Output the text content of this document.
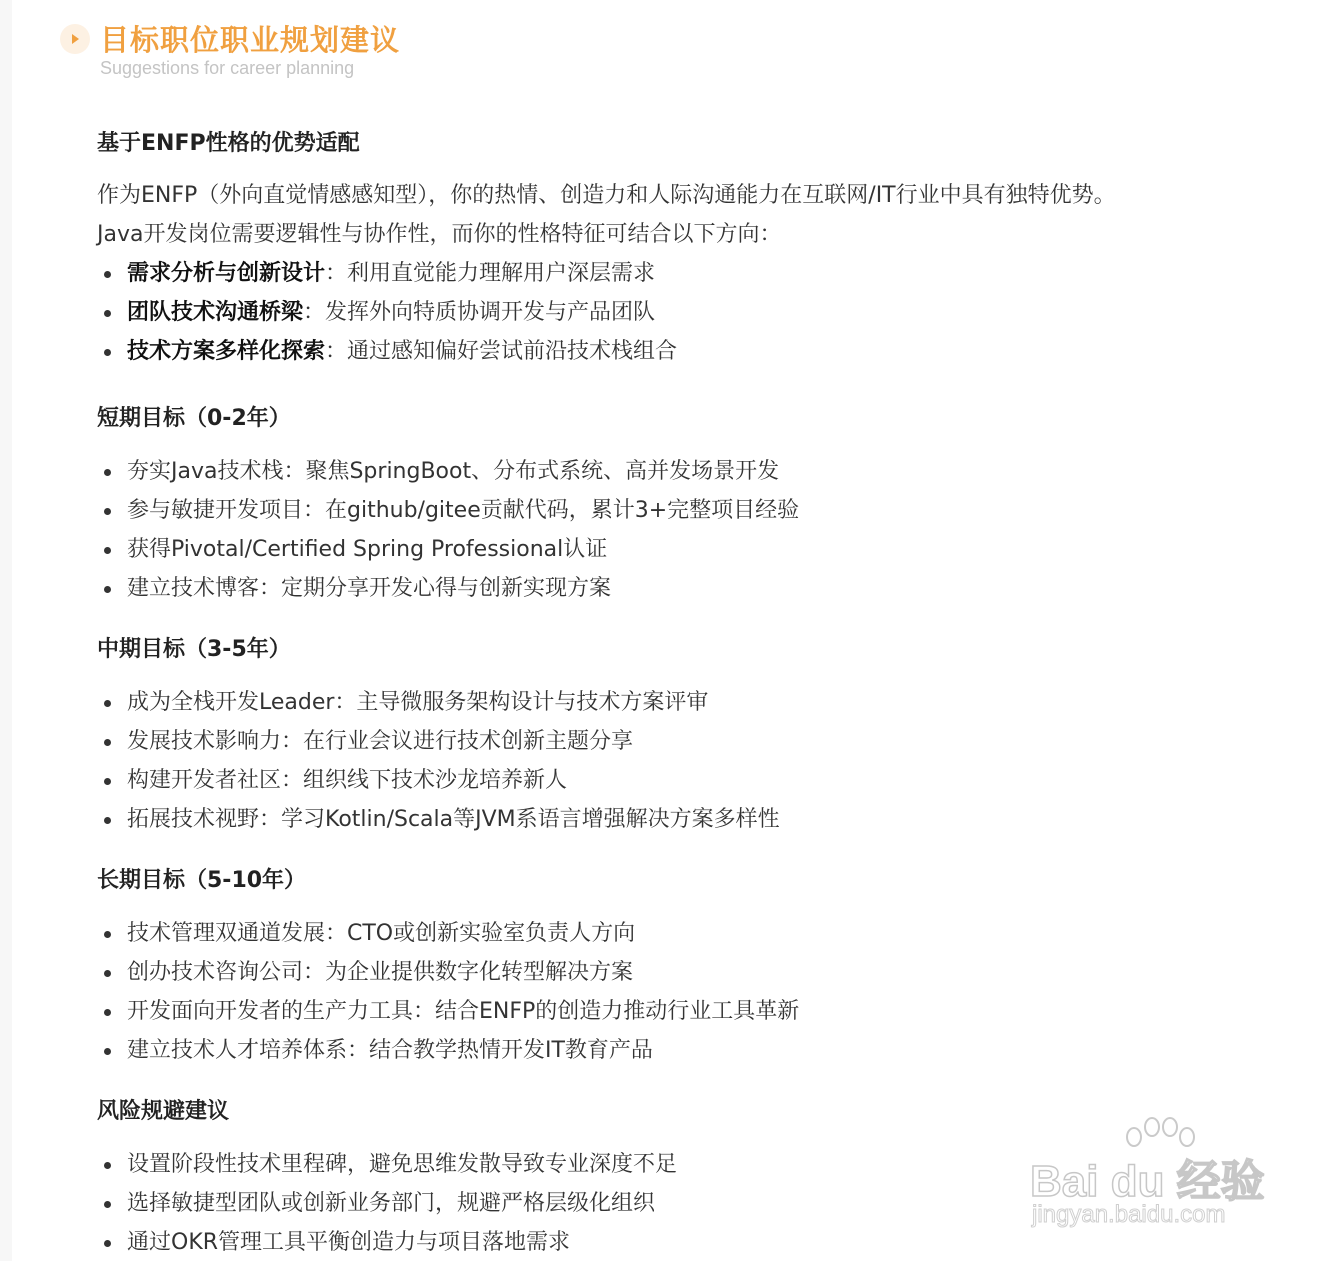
目标职位职业规划建议
Suggestions for career planning
基于ENFP性格的优势适配
作为ENFP（外向直觉情感感知型），你的热情、创造力和人际沟通能力在互联网/IT行业中具有独特优势。
Java开发岗位需要逻辑性与协作性，而你的性格特征可结合以下方向：
需求分析与创新设计：利用直觉能力理解用户深层需求
团队技术沟通桥梁：发挥外向特质协调开发与产品团队
技术方案多样化探索：通过感知偏好尝试前沿技术栈组合
短期目标（0-2年）
夯实Java技术栈：聚焦SpringBoot、分布式系统、高并发场景开发
参与敏捷开发项目：在github/gitee贡献代码，累计3+完整项目经验
获得Pivotal/Certified Spring Professional认证
建立技术博客：定期分享开发心得与创新实现方案
中期目标（3-5年）
成为全栈开发Leader：主导微服务架构设计与技术方案评审
发展技术影响力：在行业会议进行技术创新主题分享
构建开发者社区：组织线下技术沙龙培养新人
拓展技术视野：学习Kotlin/Scala等JVM系语言增强解决方案多样性
长期目标（5-10年）
技术管理双通道发展：CTO或创新实验室负责人方向
创办技术咨询公司：为企业提供数字化转型解决方案
开发面向开发者的生产力工具：结合ENFP的创造力推动行业工具革新
建立技术人才培养体系：结合教学热情开发IT教育产品
风险规避建议
设置阶段性技术里程碑，避免思维发散导致专业深度不足
选择敏捷型团队或创新业务部门，规避严格层级化组织
通过OKR管理工具平衡创造力与项目落地需求
Bai du 经验
jingyan.baidu.com
